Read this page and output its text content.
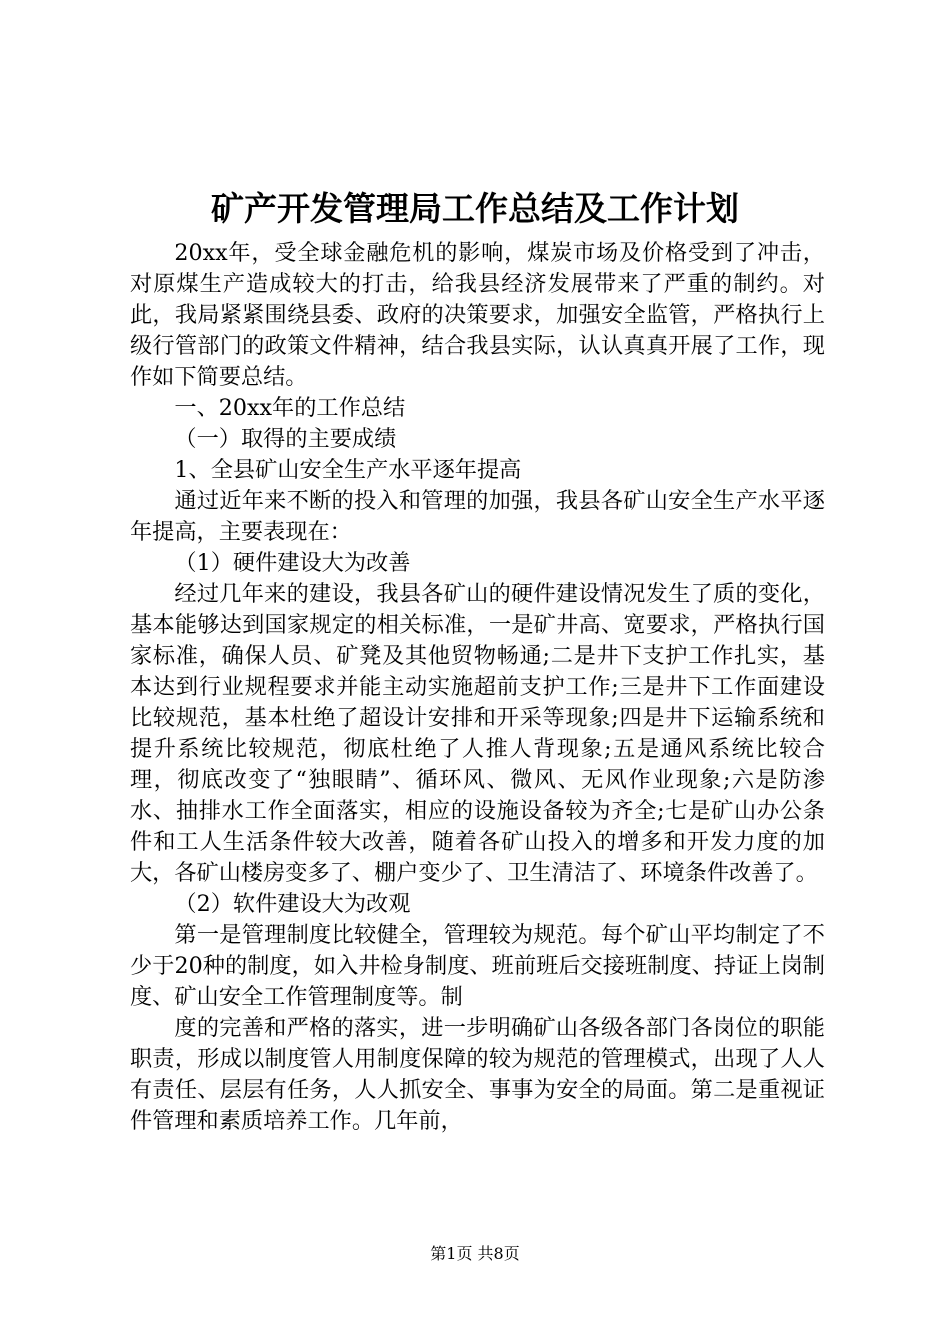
矿产开发管理局工作总结及工作计划

20xx年，受全球金融危机的影响，煤炭市场及价格受到了冲击，对原煤生产造成较大的打击，给我县经济发展带来了严重的制约。对此，我局紧紧围绕县委、政府的决策要求，加强安全监管，严格执行上级行管部门的政策文件精神，结合我县实际，认认真真开展了工作，现作如下简要总结。

一、20xx年的工作总结

（一）取得的主要成绩

1、全县矿山安全生产水平逐年提高

通过近年来不断的投入和管理的加强，我县各矿山安全生产水平逐年提高，主要表现在：

（1）硬件建设大为改善

经过几年来的建设，我县各矿山的硬件建设情况发生了质的变化，基本能够达到国家规定的相关标准，一是矿井高、宽要求，严格执行国家标准，确保人员、矿凳及其他贸物畅通;二是井下支护工作扎实，基本达到行业规程要求并能主动实施超前支护工作;三是井下工作面建设比较规范，基本杜绝了超设计安排和开采等现象;四是井下运输系统和提升系统比较规范，彻底杜绝了人推人背现象;五是通风系统比较合理，彻底改变了“独眼睛”、循环风、微风、无风作业现象;六是防渗水、抽排水工作全面落实，相应的设施设备较为齐全;七是矿山办公条件和工人生活条件较大改善，随着各矿山投入的增多和开发力度的加大，各矿山楼房变多了、棚户变少了、卫生清洁了、环境条件改善了。

（2）软件建设大为改观

第一是管理制度比较健全，管理较为规范。每个矿山平均制定了不少于20种的制度，如入井检身制度、班前班后交接班制度、持证上岗制度、矿山安全工作管理制度等。制

度的完善和严格的落实，进一步明确矿山各级各部门各岗位的职能职责，形成以制度管人用制度保障的较为规范的管理模式，出现了人人有责任、层层有任务，人人抓安全、事事为安全的局面。第二是重视证件管理和素质培养工作。几年前，

第1页 共8页
